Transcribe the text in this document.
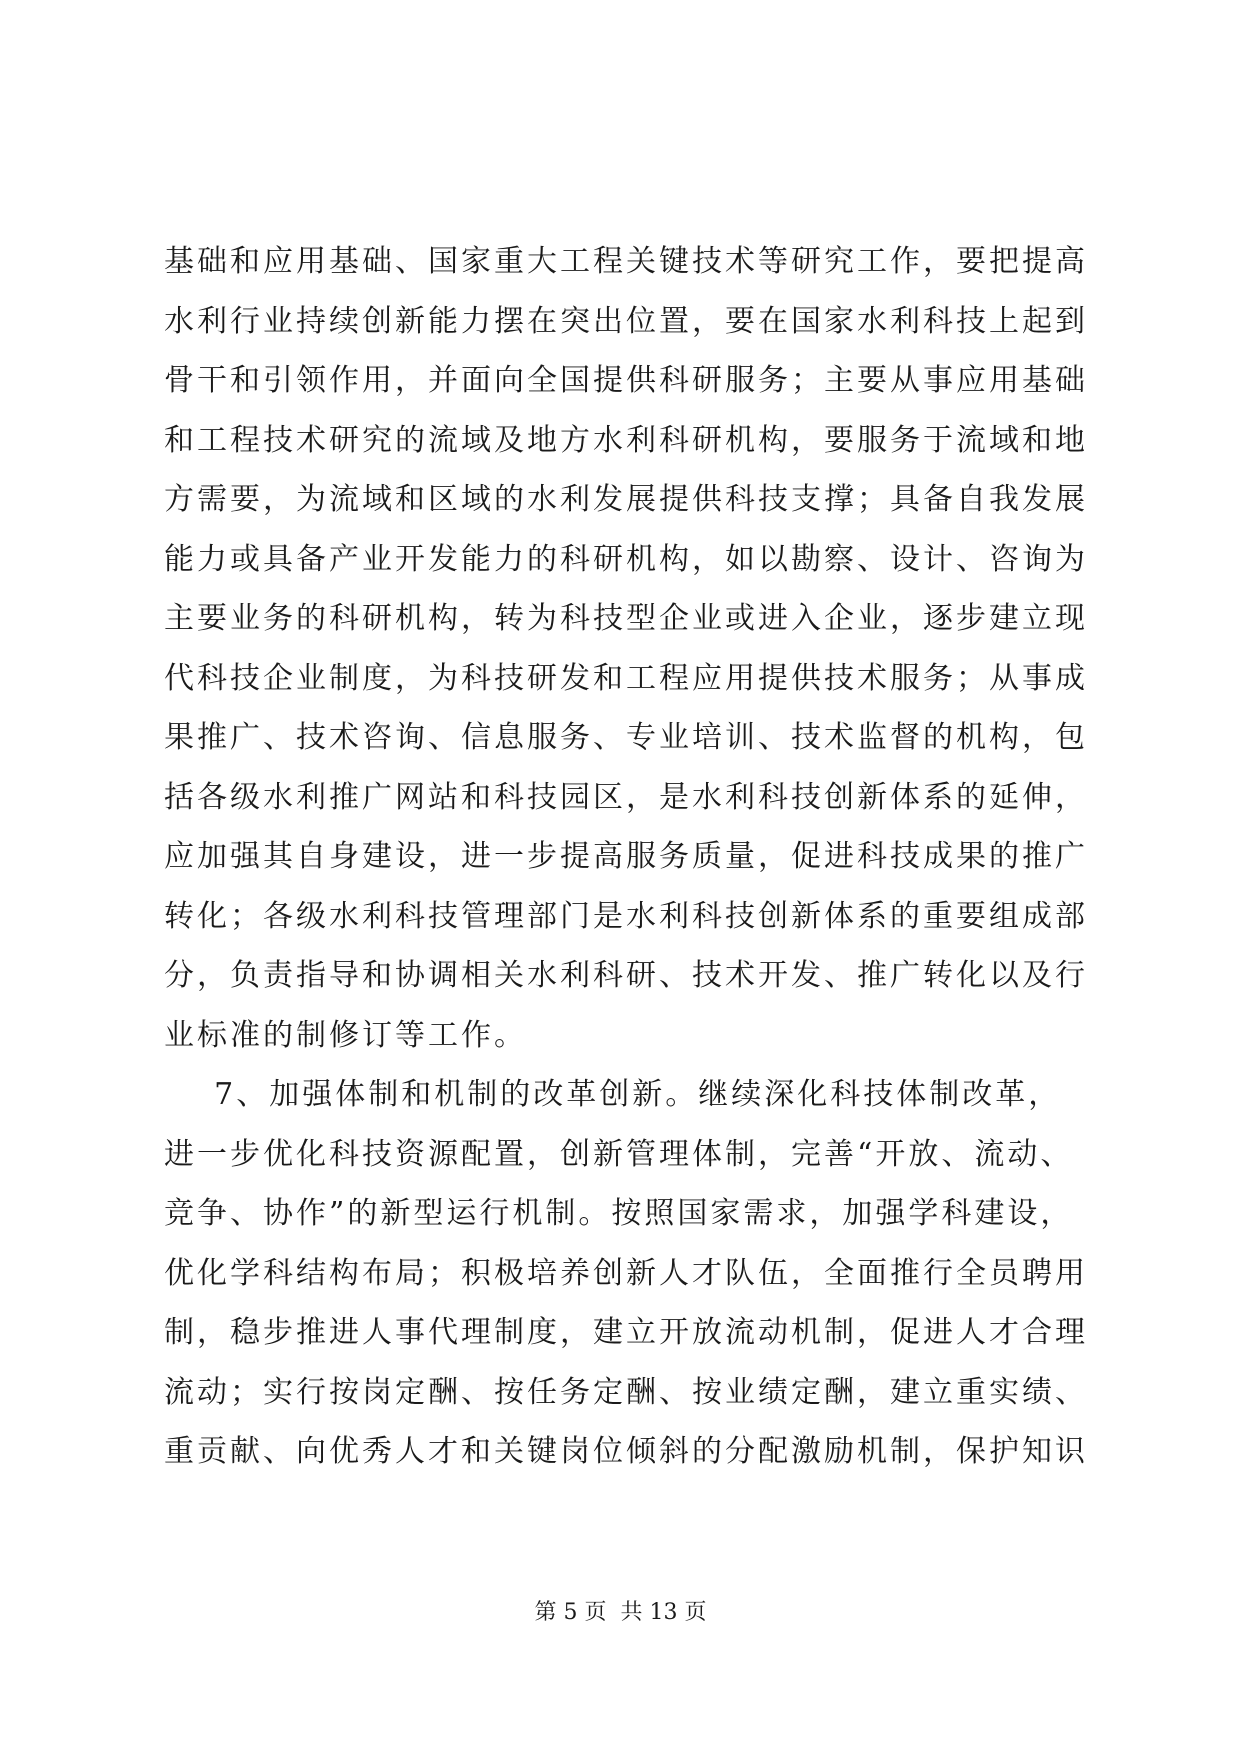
基础和应用基础、国家重大工程关键技术等研究工作，要把提高
水利行业持续创新能力摆在突出位置，要在国家水利科技上起到
骨干和引领作用，并面向全国提供科研服务；主要从事应用基础
和工程技术研究的流域及地方水利科研机构，要服务于流域和地
方需要，为流域和区域的水利发展提供科技支撑；具备自我发展
能力或具备产业开发能力的科研机构，如以勘察、设计、咨询为
主要业务的科研机构，转为科技型企业或进入企业，逐步建立现
代科技企业制度，为科技研发和工程应用提供技术服务；从事成
果推广、技术咨询、信息服务、专业培训、技术监督的机构，包
括各级水利推广网站和科技园区，是水利科技创新体系的延伸，
应加强其自身建设，进一步提高服务质量，促进科技成果的推广
转化；各级水利科技管理部门是水利科技创新体系的重要组成部
分，负责指导和协调相关水利科研、技术开发、推广转化以及行
业标准的制修订等工作。
7、加强体制和机制的改革创新。继续深化科技体制改革，
进一步优化科技资源配置，创新管理体制，完善“开放、流动、
竞争、协作”的新型运行机制。按照国家需求，加强学科建设，
优化学科结构布局；积极培养创新人才队伍，全面推行全员聘用
制，稳步推进人事代理制度，建立开放流动机制，促进人才合理
流动；实行按岗定酬、按任务定酬、按业绩定酬，建立重实绩、
重贡献、向优秀人才和关键岗位倾斜的分配激励机制，保护知识
第 5 页  共 13 页
